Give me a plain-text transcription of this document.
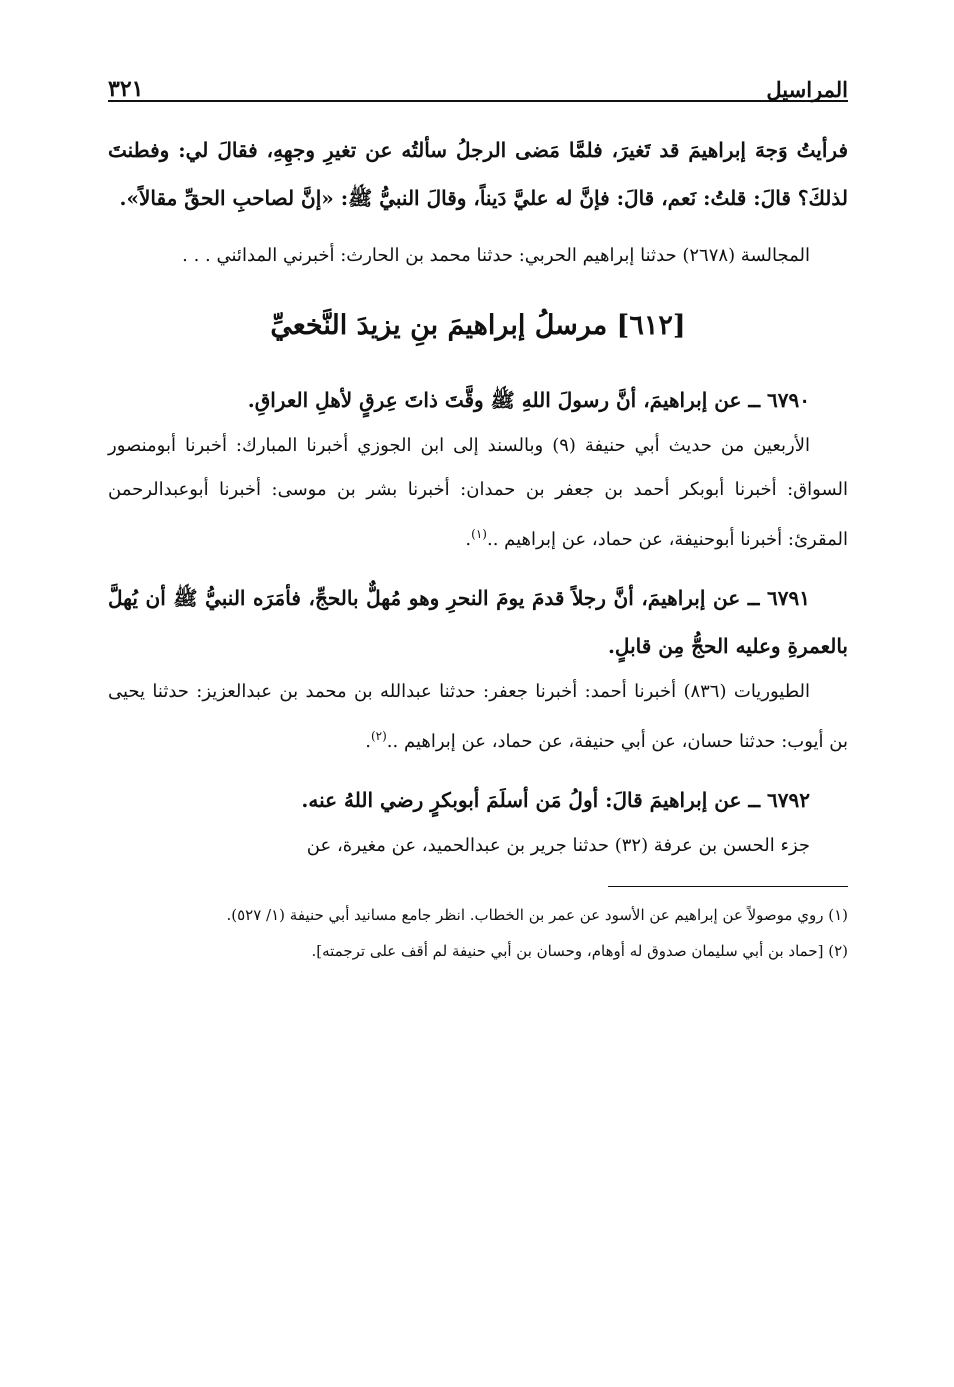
المراسيل
٣٢١

فرأيتُ وَجهَ إبراهيمَ قد تَغيرَ، فلمَّا مَضى الرجلُ سألتُه عن تغيرِ وجهِهِ، فقالَ لي: وفطنتَ لذلكَ؟ قالَ: قلتُ: نَعم، قالَ: فإنَّ له عليَّ دَيناً، وقالَ النبيُّ ﷺ: «إنَّ لصاحبِ الحقِّ مقالاً».

المجالسة (٢٦٧٨) حدثنا إبراهيم الحربي: حدثنا محمد بن الحارث: أخبرني المدائني . . .

[٦١٢] مرسلُ إبراهيمَ بنِ يزيدَ النَّخعيِّ

٦٧٩٠ ــ عن إبراهيمَ، أنَّ رسولَ اللهِ ﷺ وقَّتَ ذاتَ عِرقٍ لأهلِ العراقِ.

الأربعين من حديث أبي حنيفة (٩) وبالسند إلى ابن الجوزي أخبرنا المبارك: أخبرنا أبومنصور السواق: أخبرنا أبوبكر أحمد بن جعفر بن حمدان: أخبرنا بشر بن موسى: أخبرنا أبوعبدالرحمن المقرئ: أخبرنا أبوحنيفة، عن حماد، عن إبراهيم ..$^{(١)}$.

٦٧٩١ ــ عن إبراهيمَ، أنَّ رجلاً قدمَ يومَ النحرِ وهو مُهلٌّ بالحجِّ، فأمَرَه النبيُّ ﷺ أن يُهلَّ بالعمرةِ وعليه الحجُّ مِن قابلٍ.

الطيوريات (٨٣٦) أخبرنا أحمد: أخبرنا جعفر: حدثنا عبدالله بن محمد بن عبدالعزيز: حدثنا يحيى بن أيوب: حدثنا حسان، عن أبي حنيفة، عن حماد، عن إبراهيم ..$^{(٢)}$.

٦٧٩٢ ــ عن إبراهيمَ قالَ: أولُ مَن أسلَمَ أبوبكرٍ رضي اللهُ عنه.

جزء الحسن بن عرفة (٣٢) حدثنا جرير بن عبدالحميد، عن مغيرة، عن

(١) روي موصولاً عن إبراهيم عن الأسود عن عمر بن الخطاب. انظر جامع مسانيد أبي حنيفة (١/ ٥٢٧).

(٢) [حماد بن أبي سليمان صدوق له أوهام، وحسان بن أبي حنيفة لم أقف على ترجمته].
